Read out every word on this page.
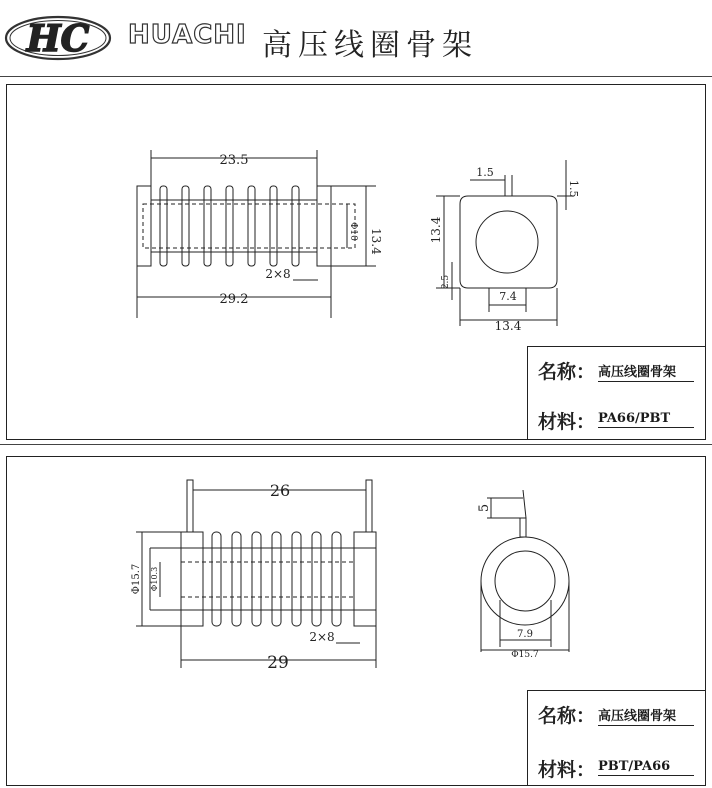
HC HUACHI 高压线圈骨架
23.5
29.2
2×8
13.4
Φ10
1.5
1.5
13.4
2.5
7.4
13.4
名称： 高压线圈骨架
材料： PA66/PBT
26
29
2×8
Φ15.7 Φ10.3
5
7.9
Φ15.7
名称： 高压线圈骨架
材料： PBT/PA66
